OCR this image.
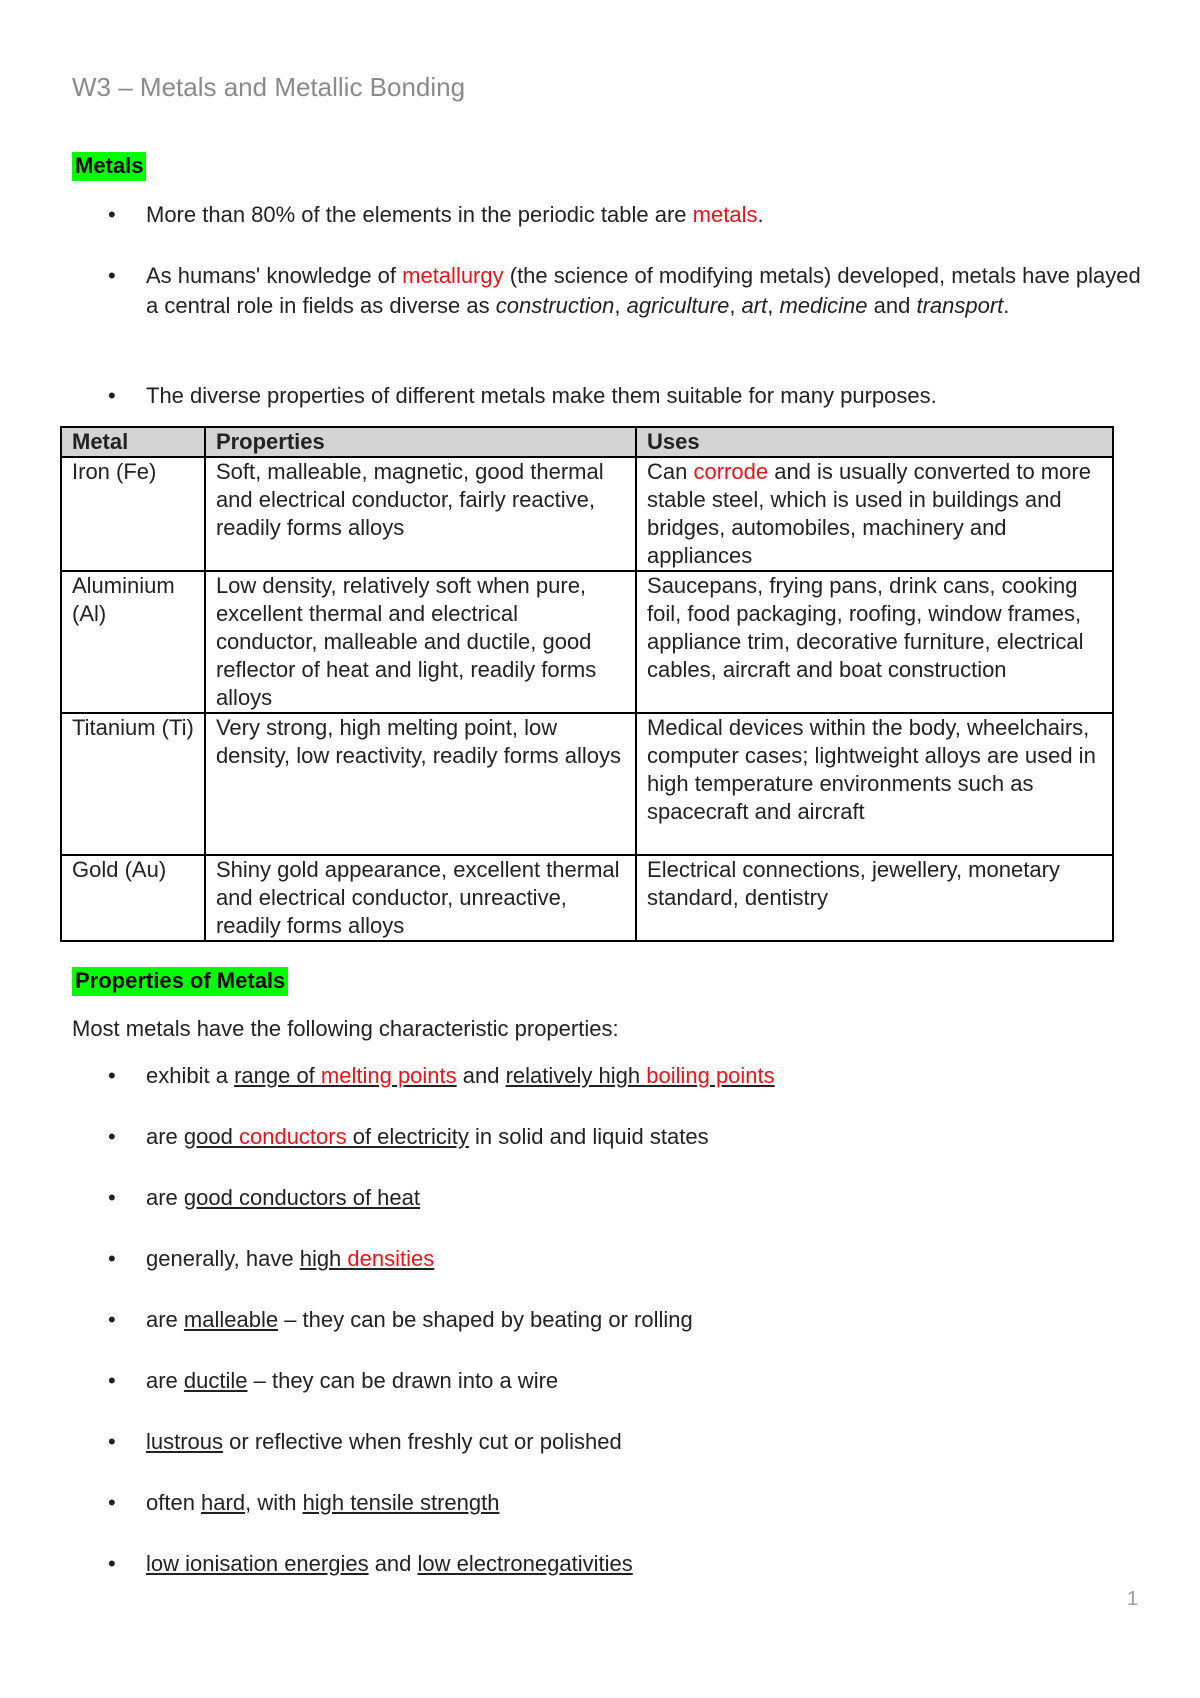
W3 – Metals and Metallic Bonding
Metals
• More than 80% of the elements in the periodic table are metals.
• As humans' knowledge of metallurgy (the science of modifying metals) developed, metals have played a central role in fields as diverse as construction, agriculture, art, medicine and transport.
• The diverse properties of different metals make them suitable for many purposes.
Metal	Properties	Uses
Iron (Fe)	Soft, malleable, magnetic, good thermal and electrical conductor, fairly reactive, readily forms alloys	Can corrode and is usually converted to more stable steel, which is used in buildings and bridges, automobiles, machinery and appliances
Aluminium (Al)	Low density, relatively soft when pure, excellent thermal and electrical conductor, malleable and ductile, good reflector of heat and light, readily forms alloys	Saucepans, frying pans, drink cans, cooking foil, food packaging, roofing, window frames, appliance trim, decorative furniture, electrical cables, aircraft and boat construction
Titanium (Ti)	Very strong, high melting point, low density, low reactivity, readily forms alloys	Medical devices within the body, wheelchairs, computer cases; lightweight alloys are used in high temperature environments such as spacecraft and aircraft
Gold (Au)	Shiny gold appearance, excellent thermal and electrical conductor, unreactive, readily forms alloys	Electrical connections, jewellery, monetary standard, dentistry
Properties of Metals
Most metals have the following characteristic properties:
• exhibit a range of melting points and relatively high boiling points
• are good conductors of electricity in solid and liquid states
• are good conductors of heat
• generally, have high densities
• are malleable – they can be shaped by beating or rolling
• are ductile – they can be drawn into a wire
• lustrous or reflective when freshly cut or polished
• often hard, with high tensile strength
• low ionisation energies and low electronegativities
1
